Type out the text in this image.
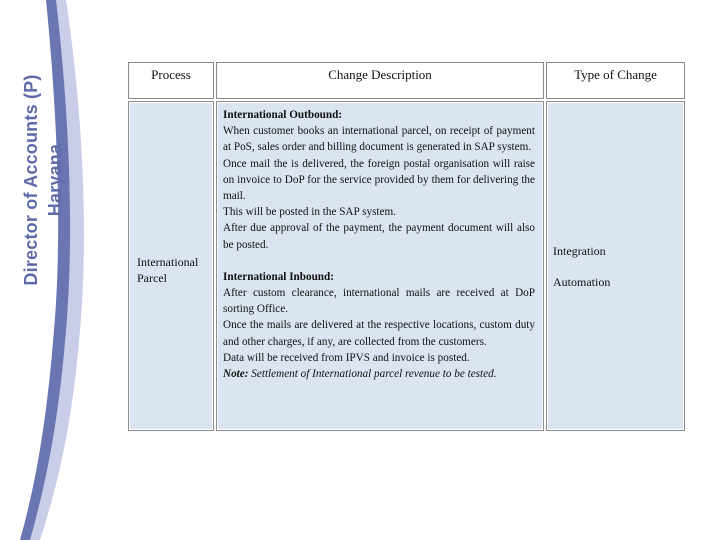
Director of Accounts (P) Haryana
Process	Change Description	Type of Change
International Parcel

International Outbound:

When customer books an international parcel, on receipt of payment at PoS, sales order and billing document is generated in SAP system.

Once mail the is delivered, the foreign postal organisation will raise on invoice to DoP for the service provided by them for delivering the mail.

This will be posted in the SAP system.

After due approval of the payment, the payment document will also be posted.

International Inbound:

After custom clearance, international mails are received at DoP sorting Office.

Once the mails are delivered at the respective locations, custom duty and other charges, if any, are collected from the customers.

Data will be received from IPVS and invoice is posted.

Note: Settlement of International parcel revenue to be tested.

Integration
Automation
